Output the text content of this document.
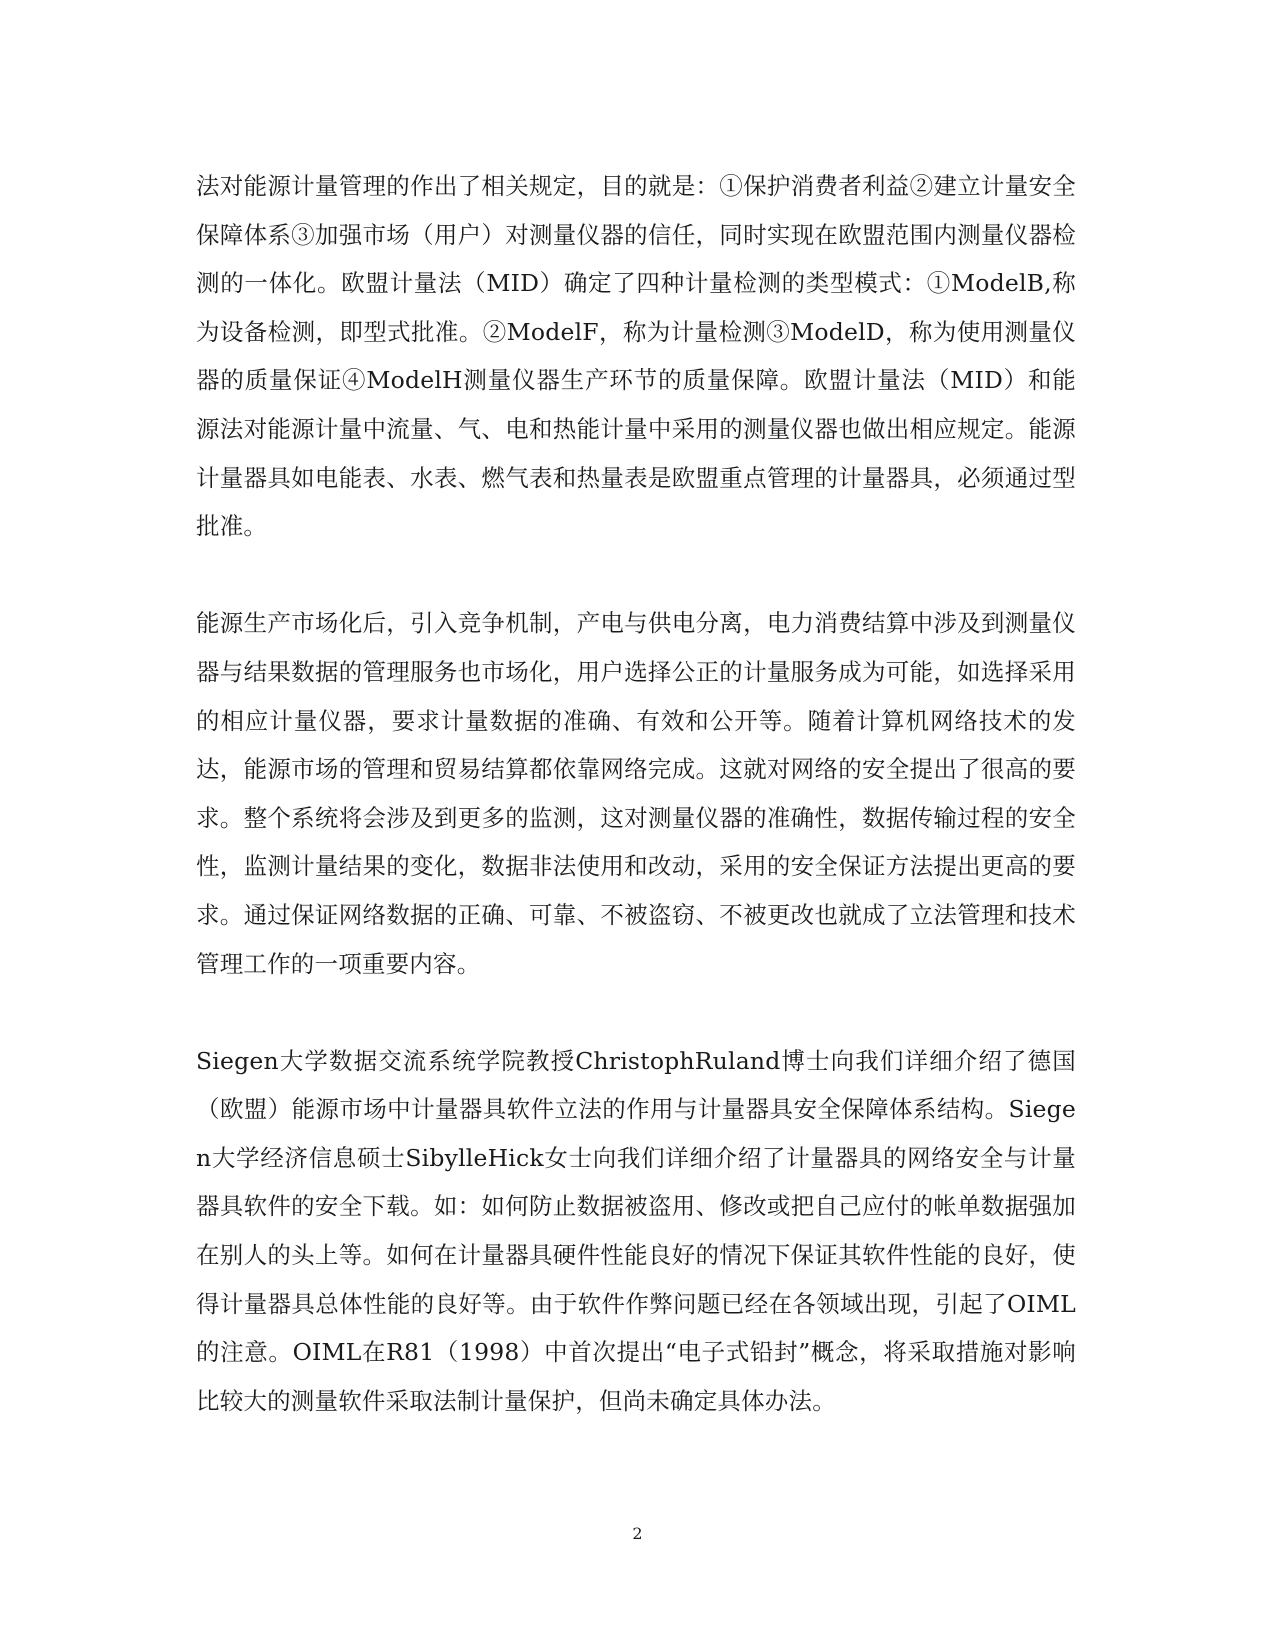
法对能源计量管理的作出了相关规定，目的就是：①保护消费者利益②建立计量安全保障体系③加强市场（用户）对测量仪器的信任，同时实现在欧盟范围内测量仪器检测的一体化。欧盟计量法（MID）确定了四种计量检测的类型模式：①ModelB,称为设备检测，即型式批准。②ModelF，称为计量检测③ModelD，称为使用测量仪器的质量保证④ModelH测量仪器生产环节的质量保障。欧盟计量法（MID）和能源法对能源计量中流量、气、电和热能计量中采用的测量仪器也做出相应规定。能源计量器具如电能表、水表、燃气表和热量表是欧盟重点管理的计量器具，必须通过型批准。

能源生产市场化后，引入竞争机制，产电与供电分离，电力消费结算中涉及到测量仪器与结果数据的管理服务也市场化，用户选择公正的计量服务成为可能，如选择采用的相应计量仪器，要求计量数据的准确、有效和公开等。随着计算机网络技术的发达，能源市场的管理和贸易结算都依靠网络完成。这就对网络的安全提出了很高的要求。整个系统将会涉及到更多的监测，这对测量仪器的准确性，数据传输过程的安全性，监测计量结果的变化，数据非法使用和改动，采用的安全保证方法提出更高的要求。通过保证网络数据的正确、可靠、不被盗窃、不被更改也就成了立法管理和技术管理工作的一项重要内容。

Siegen大学数据交流系统学院教授ChristophRuland博士向我们详细介绍了德国（欧盟）能源市场中计量器具软件立法的作用与计量器具安全保障体系结构。Siegen大学经济信息硕士SibylleHick女士向我们详细介绍了计量器具的网络安全与计量器具软件的安全下载。如：如何防止数据被盗用、修改或把自己应付的帐单数据强加在别人的头上等。如何在计量器具硬件性能良好的情况下保证其软件性能的良好，使得计量器具总体性能的良好等。由于软件作弊问题已经在各领域出现，引起了OIML的注意。OIML在R81（1998）中首次提出“电子式铅封”概念，将采取措施对影响比较大的测量软件采取法制计量保护，但尚未确定具体办法。

2
